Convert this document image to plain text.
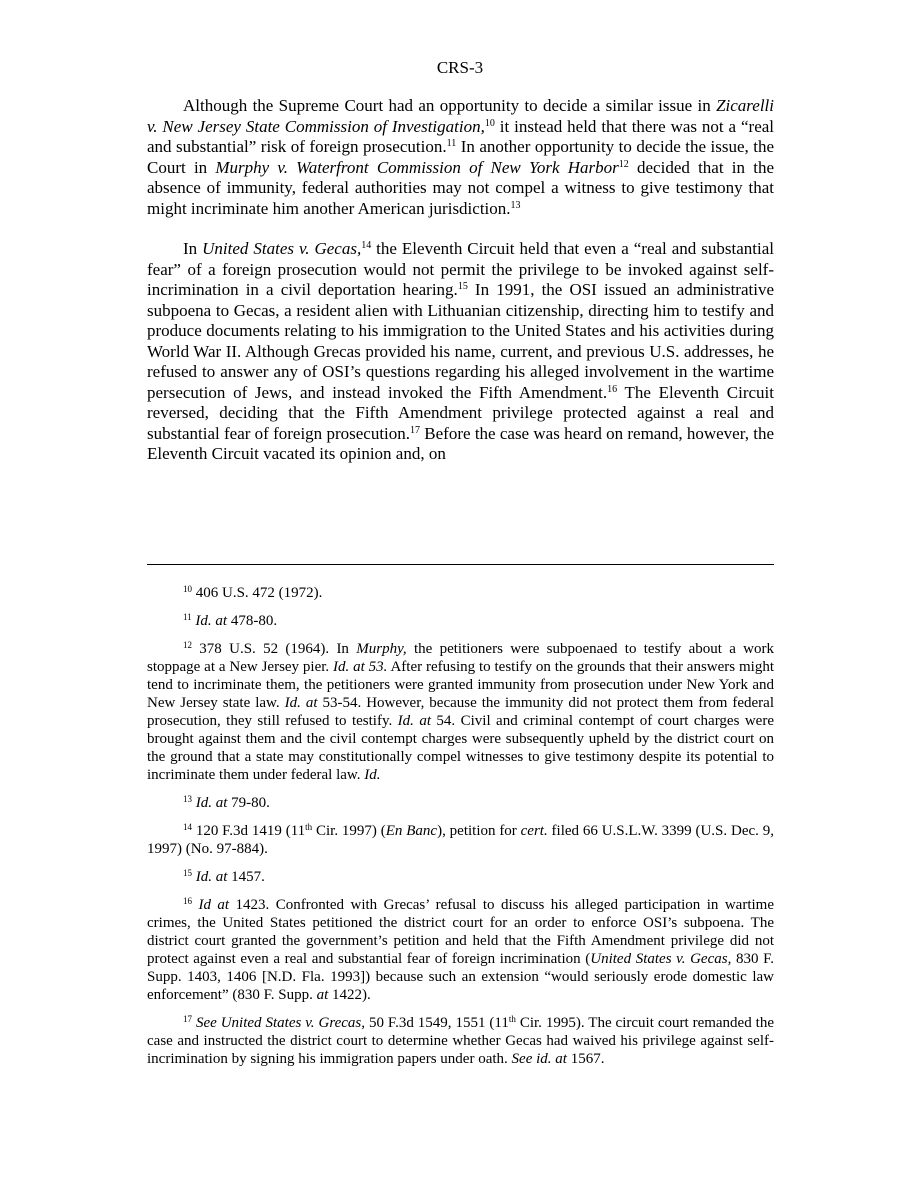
CRS-3

Although the Supreme Court had an opportunity to decide a similar issue in Zicarelli v. New Jersey State Commission of Investigation,$^{10}$ it instead held that there was not a “real and substantial” risk of foreign prosecution.$^{11}$ In another opportunity to decide the issue, the Court in Murphy v. Waterfront Commission of New York Harbor$^{12}$ decided that in the absence of immunity, federal authorities may not compel a witness to give testimony that might incriminate him another American jurisdiction.$^{13}$

In United States v. Gecas,$^{14}$ the Eleventh Circuit held that even a “real and substantial fear” of a foreign prosecution would not permit the privilege to be invoked against self-incrimination in a civil deportation hearing.$^{15}$ In 1991, the OSI issued an administrative subpoena to Gecas, a resident alien with Lithuanian citizenship, directing him to testify and produce documents relating to his immigration to the United States and his activities during World War II. Although Grecas provided his name, current, and previous U.S. addresses, he refused to answer any of OSI’s questions regarding his alleged involvement in the wartime persecution of Jews, and instead invoked the Fifth Amendment.$^{16}$ The Eleventh Circuit reversed, deciding that the Fifth Amendment privilege protected against a real and substantial fear of foreign prosecution.$^{17}$ Before the case was heard on remand, however, the Eleventh Circuit vacated its opinion and, on

$^{10}$ 406 U.S. 472 (1972).

$^{11}$ Id. at 478-80.

$^{12}$ 378 U.S. 52 (1964). In Murphy, the petitioners were subpoenaed to testify about a work stoppage at a New Jersey pier. Id. at 53. After refusing to testify on the grounds that their answers might tend to incriminate them, the petitioners were granted immunity from prosecution under New York and New Jersey state law. Id. at 53-54. However, because the immunity did not protect them from federal prosecution, they still refused to testify. Id. at 54. Civil and criminal contempt of court charges were brought against them and the civil contempt charges were subsequently upheld by the district court on the ground that a state may constitutionally compel witnesses to give testimony despite its potential to incriminate them under federal law. Id.

$^{13}$ Id. at 79-80.

$^{14}$ 120 F.3d 1419 (11th Cir. 1997) (En Banc), petition for cert. filed 66 U.S.L.W. 3399 (U.S. Dec. 9, 1997) (No. 97-884).

$^{15}$ Id. at 1457.

$^{16}$ Id at 1423. Confronted with Grecas’ refusal to discuss his alleged participation in wartime crimes, the United States petitioned the district court for an order to enforce OSI’s subpoena. The district court granted the government’s petition and held that the Fifth Amendment privilege did not protect against even a real and substantial fear of foreign incrimination (United States v. Gecas, 830 F. Supp. 1403, 1406 [N.D. Fla. 1993]) because such an extension “would seriously erode domestic law enforcement” (830 F. Supp. at 1422).

$^{17}$ See United States v. Grecas, 50 F.3d 1549, 1551 (11th Cir. 1995). The circuit court remanded the case and instructed the district court to determine whether Gecas had waived his privilege against self-incrimination by signing his immigration papers under oath. See id. at 1567.
